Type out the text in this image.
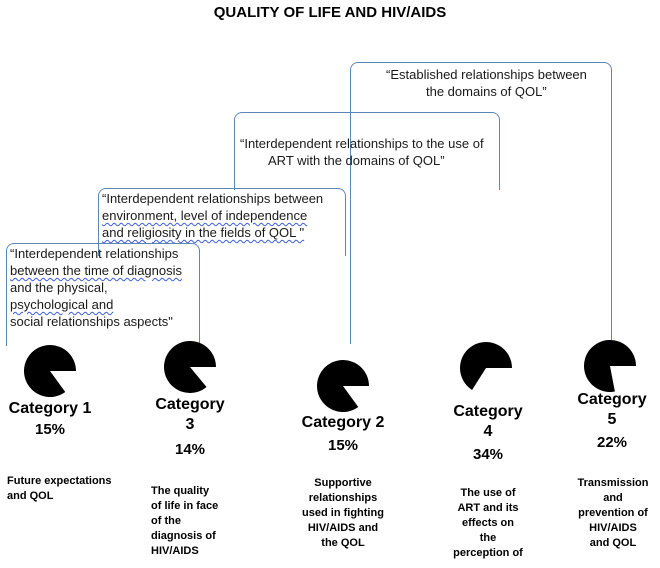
QUALITY OF LIFE AND HIV/AIDS
“Established relationships between
the domains of QOL”
“Interdependent relationships to the use of
ART with the domains of QOL”
“Interdependent relationships between
environment, level of independence
and religiosity in the fields of QOL "
“Interdependent relationships
between the time of diagnosis
and the physical,
psychological and
social relationships aspects"
Category 1
15%
Future expectations
and QOL
Category
3
14%
The quality
of life in face
of the
diagnosis of
HIV/AIDS
Category 2
15%
Supportive
relationships
used in fighting
HIV/AIDS and
the QOL
Category
4
34%
The use of
ART and its
effects on
the
perception of
Category
5
22%
Transmission
and
prevention of
HIV/AIDS
and QOL
